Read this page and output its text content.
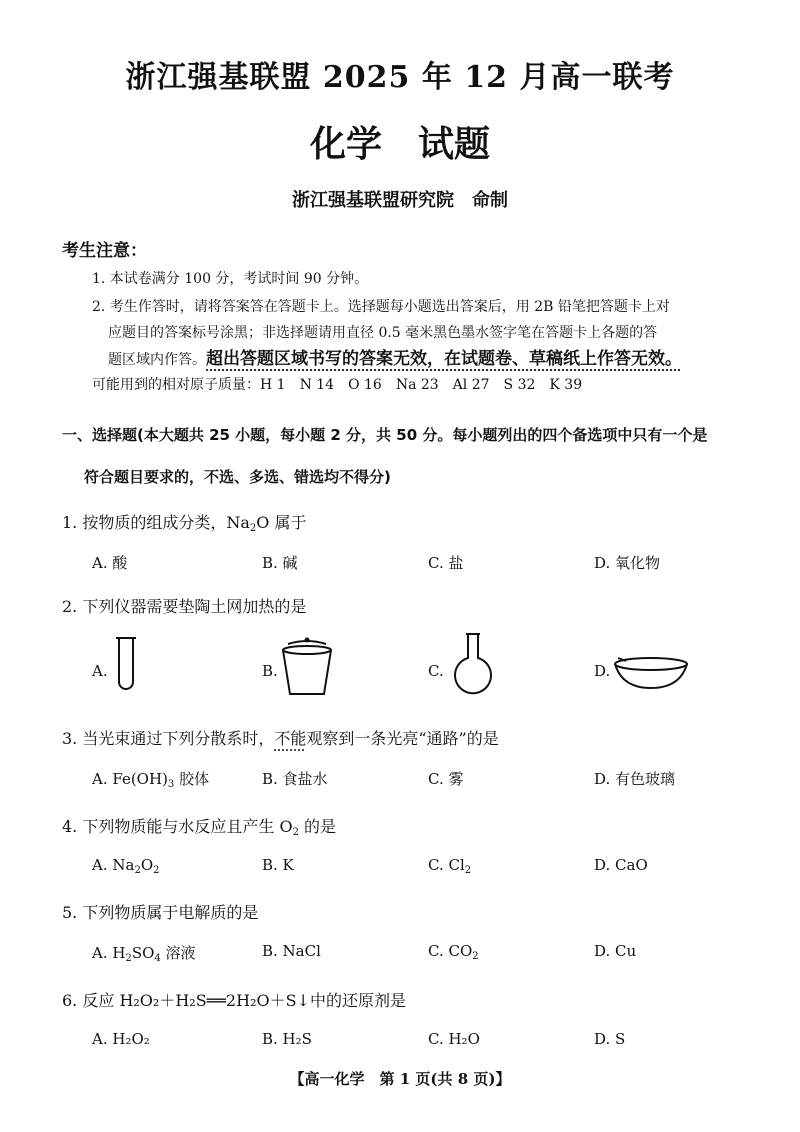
浙江强基联盟 2025 年 12 月高一联考
化学　试题
浙江强基联盟研究院　命制
考生注意：
1. 本试卷满分 100 分，考试时间 90 分钟。
2. 考生作答时，请将答案答在答题卡上。选择题每小题选出答案后，用 2B 铅笔把答题卡上对
应题目的答案标号涂黑；非选择题请用直径 0.5 毫米黑色墨水签字笔在答题卡上各题的答
题区域内作答。超出答题区域书写的答案无效，在试题卷、草稿纸上作答无效。
可能用到的相对原子质量：H 1　N 14　O 16　Na 23　Al 27　S 32　K 39
一、选择题(本大题共 25 小题，每小题 2 分，共 50 分。每小题列出的四个备选项中只有一个是
符合题目要求的，不选、多选、错选均不得分)
1. 按物质的组成分类，$Na_2O$ 属于
A. 酸	B. 碱	C. 盐	D. 氧化物
2. 下列仪器需要垫陶土网加热的是
A.	B.	C.	D.
3. 当光束通过下列分散系时，不能观察到一条光亮“通路”的是
A. $Fe(OH)_3$ 胶体	B. 食盐水	C. 雾	D. 有色玻璃
4. 下列物质能与水反应且产生 $O_2$ 的是
A. $Na_2O_2$	B. K	C. $Cl_2$	D. CaO
5. 下列物质属于电解质的是
A. $H_2SO_4$ 溶液	B. NaCl	C. $CO_2$	D. Cu
6. 反应 H₂O₂＋H₂S══2H₂O＋S↓中的还原剂是
A. H₂O₂	B. H₂S	C. H₂O	D. S
【高一化学　第 1 页(共 8 页)】
